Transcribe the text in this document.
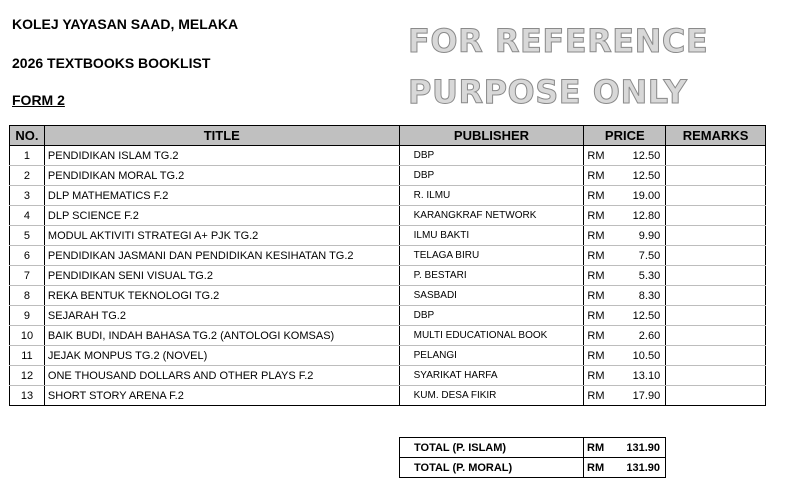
KOLEJ YAYASAN SAAD, MELAKA
2026 TEXTBOOKS BOOKLIST
FORM 2
FOR REFERENCE
PURPOSE ONLY
NO.	TITLE	PUBLISHER	PRICE		REMARKS
1	PENDIDIKAN ISLAM TG.2	DBP	RM	12.50	
2	PENDIDIKAN MORAL TG.2	DBP	RM	12.50	
3	DLP MATHEMATICS F.2	R. ILMU	RM	19.00	
4	DLP SCIENCE F.2	KARANGKRAF NETWORK	RM	12.80	
5	MODUL AKTIVITI STRATEGI A+ PJK TG.2	ILMU BAKTI	RM	9.90	
6	PENDIDIKAN JASMANI DAN PENDIDIKAN KESIHATAN TG.2	TELAGA BIRU	RM	7.50	
7	PENDIDIKAN SENI VISUAL TG.2	P. BESTARI	RM	5.30	
8	REKA BENTUK TEKNOLOGI TG.2	SASBADI	RM	8.30	
9	SEJARAH TG.2	DBP	RM	12.50	
10	BAIK BUDI, INDAH BAHASA TG.2 (ANTOLOGI KOMSAS)	MULTI EDUCATIONAL BOOK	RM	2.60	
11	JEJAK MONPUS TG.2 (NOVEL)	PELANGI	RM	10.50	
12	ONE THOUSAND DOLLARS AND OTHER PLAYS F.2	SYARIKAT HARFA	RM	13.10	
13	SHORT STORY ARENA F.2	KUM. DESA FIKIR	RM	17.90	
TOTAL (P. ISLAM)	RM	131.90
TOTAL (P. MORAL)	RM	131.90
